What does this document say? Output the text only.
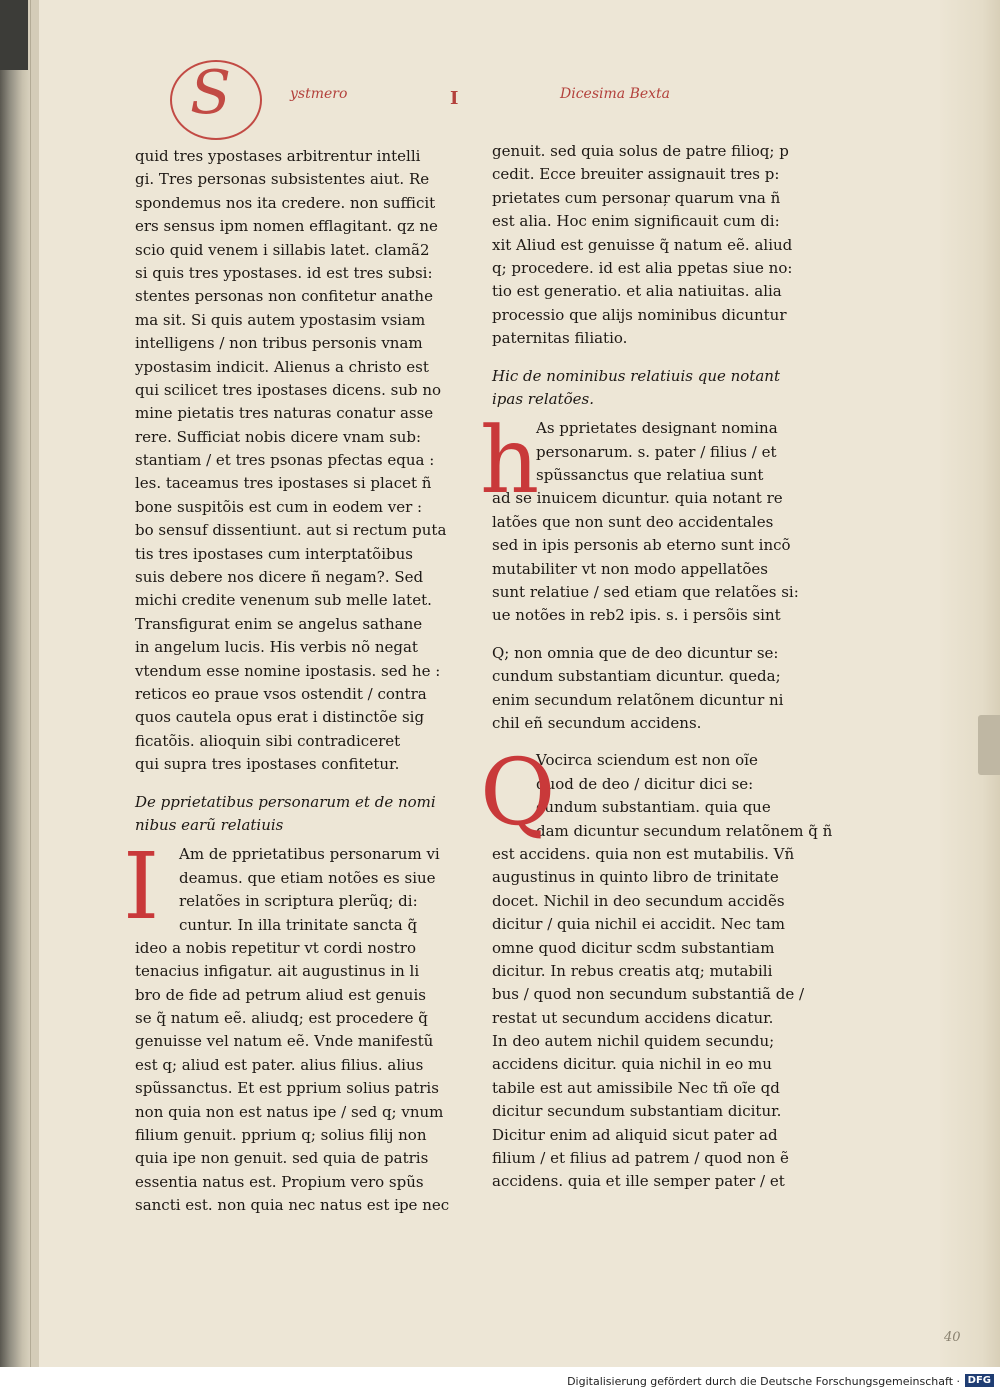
S	ystmero	I	Dicesima Bexta
quid tres ypostases arbitrentur intelli
gi. Tres personas subsistentes aiut. Re
spondemus nos ita credere. non sufficit
ers sensus ipm nomen efflagitant. qz ne
scio quid venem i sillabis latet. clamã2
si quis tres ypostases. id est tres subsi:
stentes personas non confitetur anathe
ma sit. Si quis autem ypostasim vsiam
intelligens / non tribus personis vnam
ypostasim indicit. Alienus a christo est
qui scilicet tres ipostases dicens. sub no
mine pietatis tres naturas conatur asse
rere. Sufficiat nobis dicere vnam sub:
stantiam / et tres psonas pfectas equa :
les. taceamus tres ipostases si placet ñ
bone suspitõis est cum in eodem ver :
bo sensuf dissentiunt. aut si rectum puta
tis tres ipostases cum interptatõibus
suis debere nos dicere ñ negam?. Sed
michi credite venenum sub melle latet.
Transfigurat enim se angelus sathane
in angelum lucis. His verbis nõ negat
vtendum esse nomine ipostasis. sed he :
reticos eo praue vsos ostendit / contra
quos cautela opus erat i distinctõe sig
ficatõis. alioquin sibi contradiceret
qui supra tres ipostases confitetur.
De pprietatibus personarum et de nomi
nibus earũ relatiuis
I	Am de pprietatibus personarum vi
deamus. que etiam notões es siue
relatões in scriptura plerũq; di:
cuntur. In illa trinitate sancta q̃
ideo a nobis repetitur vt cordi nostro
tenacius infigatur. ait augustinus in li
bro de fide ad petrum aliud est genuis
se q̃ natum eẽ. aliudq; est procedere q̃
genuisse vel natum eẽ. Vnde manifestũ
est q; aliud est pater. alius filius. alius
spũssanctus. Et est pprium solius patris
non quia non est natus ipe / sed q; vnum
filium genuit. pprium q; solius filij non
quia ipe non genuit. sed quia de patris
essentia natus est. Propium vero spũs
sancti est. non quia nec natus est ipe nec
genuit. sed quia solus de patre filioq; p
cedit. Ecce breuiter assignauit tres p:
prietates cum personaŗ quarum vna ñ
est alia. Hoc enim significauit cum di:
xit Aliud est genuisse q̃ natum eẽ. aliud
q; procedere. id est alia ppetas siue no:
tio est generatio. et alia natiuitas. alia
processio que alijs nominibus dicuntur
paternitas filiatio.
Hic de nominibus relatiuis que notant
ipas relatões.
h
As pprietates designant nomina
personarum. s. pater / filius / et
spũssanctus que relatiua sunt
ad se inuicem dicuntur. quia notant re
latões que non sunt deo accidentales
sed in ipis personis ab eterno sunt incõ
mutabiliter vt non modo appellatões
sunt relatiue / sed etiam que relatões si:
ue notões in reb2 ipis. s. i persõis sint
Q; non omnia que de deo dicuntur se:
cundum substantiam dicuntur. queda;
enim secundum relatõnem dicuntur ni
chil eñ secundum accidens.
Q
Vocirca sciendum est non oĩe
quod de deo / dicitur dici se:
cundum substantiam. quia que
dam dicuntur secundum relatõnem q̃ ñ
est accidens. quia non est mutabilis. Vñ
augustinus in quinto libro de trinitate
docet. Nichil in deo secundum accidẽs
dicitur / quia nichil ei accidit. Nec tam
omne quod dicitur scdm substantiam
dicitur. In rebus creatis atq; mutabili
bus / quod non secundum substantiã de /
restat ut secundum accidens dicatur.
In deo autem nichil quidem secundu;
accidens dicitur. quia nichil in eo mu
tabile est aut amissibile Nec tñ oĩe qd
dicitur secundum substantiam dicitur.
Dicitur enim ad aliquid sicut pater ad
filium / et filius ad patrem / quod non ẽ
accidens. quia et ille semper pater / et
40
Digitalisierung gefördert durch die Deutsche Forschungsgemeinschaft · DFG
